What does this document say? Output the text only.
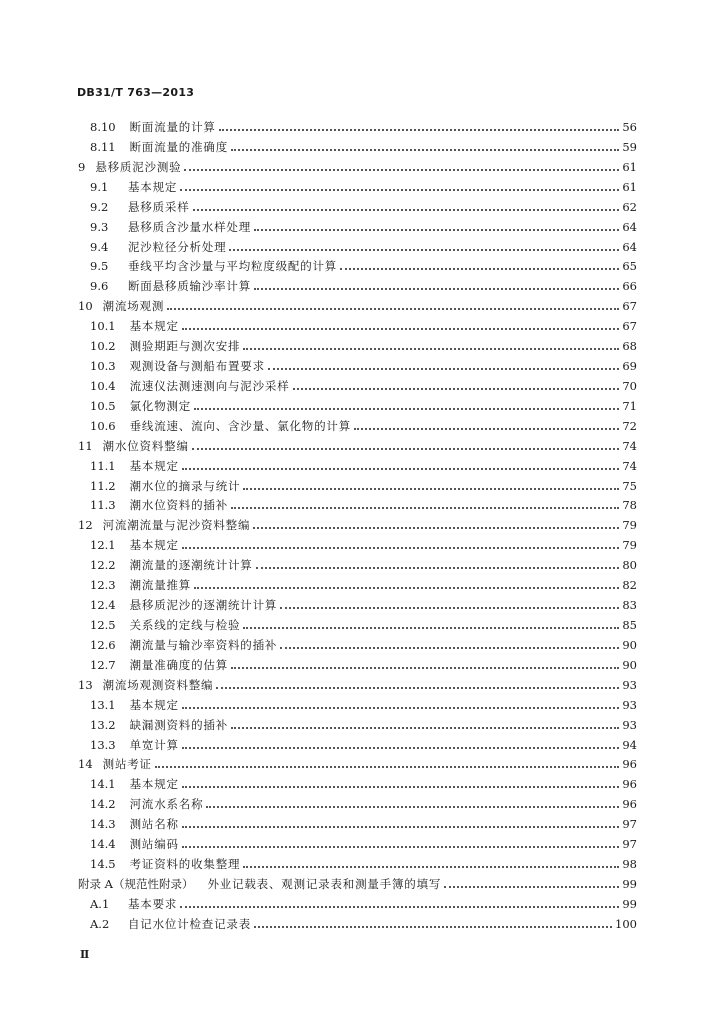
DB31/T 763—2013
8.10 断面流量的计算	56
8.11 断面流量的准确度	59
9 悬移质泥沙测验	61
9.1	基本规定	61
9.2	悬移质采样	62
9.3	悬移质含沙量水样处理	64
9.4	泥沙粒径分析处理	64
9.5	垂线平均含沙量与平均粒度级配的计算	65
9.6	断面悬移质输沙率计算	66
10 潮流场观测	67
10.1 基本规定	67
10.2 测验期距与测次安排	68
10.3 观测设备与测船布置要求	69
10.4 流速仪法测速测向与泥沙采样	70
10.5 氯化物测定	71
10.6 垂线流速、流向、含沙量、氯化物的计算	72
11 潮水位资料整编	74
11.1 基本规定	74
11.2 潮水位的摘录与统计	75
11.3 潮水位资料的插补	78
12 河流潮流量与泥沙资料整编	79
12.1 基本规定	79
12.2 潮流量的逐潮统计计算	80
12.3 潮流量推算	82
12.4 悬移质泥沙的逐潮统计计算	83
12.5 关系线的定线与检验	85
12.6 潮流量与输沙率资料的插补	90
12.7 潮量准确度的估算	90
13 潮流场观测资料整编	93
13.1 基本规定	93
13.2 缺漏测资料的插补	93
13.3 单宽计算	94
14 测站考证	96
14.1 基本规定	96
14.2 河流水系名称	96
14.3 测站名称	97
14.4 测站编码	97
14.5 考证资料的收集整理	98
附录 A（规范性附录） 外业记载表、观测记录表和测量手簿的填写	99
A.1	基本要求	99
A.2	自记水位计检查记录表	100
Ⅱ
